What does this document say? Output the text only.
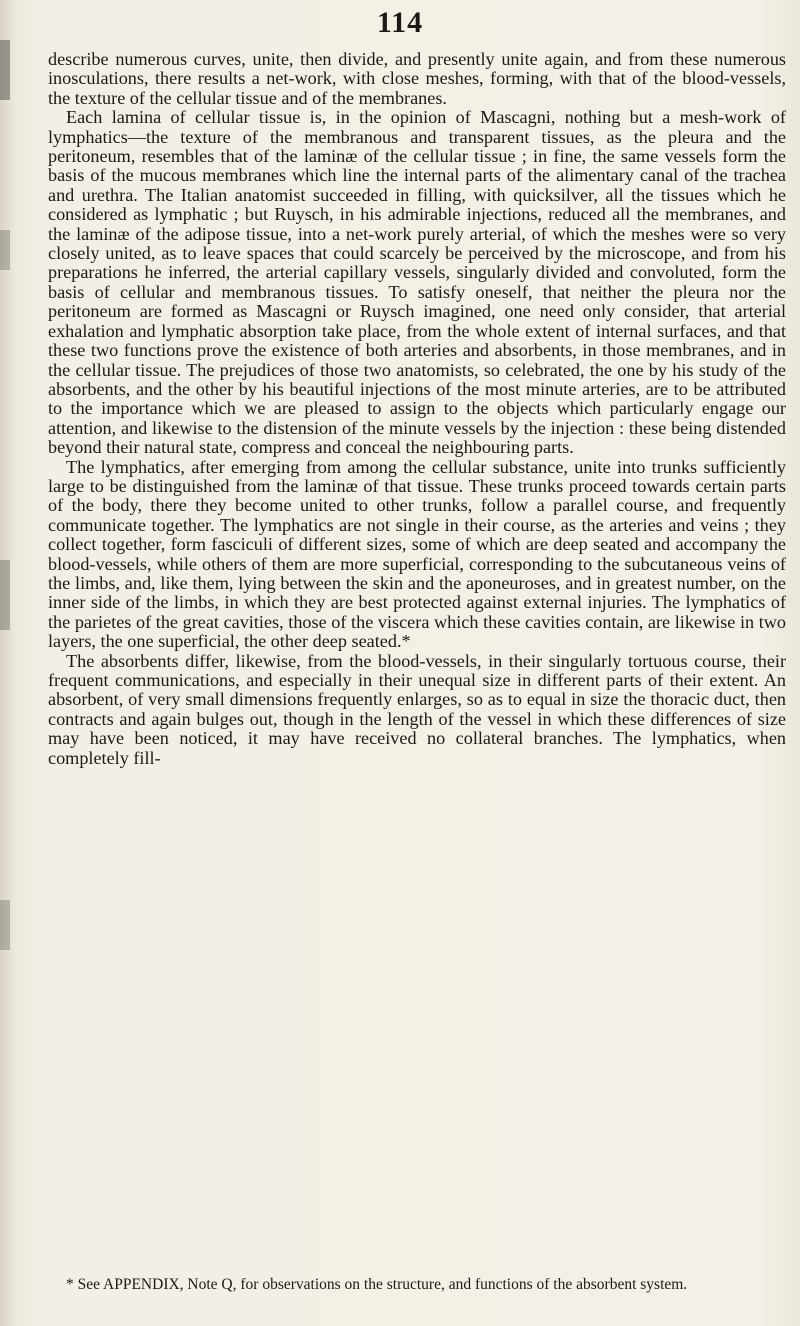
114

describe numerous curves, unite, then divide, and presently unite again, and from these numerous inosculations, there results a net-work, with close meshes, forming, with that of the blood-vessels, the texture of the cellular tissue and of the membranes.

Each lamina of cellular tissue is, in the opinion of Mascagni, nothing but a mesh-work of lymphatics—the texture of the membranous and transparent tissues, as the pleura and the peritoneum, resembles that of the laminæ of the cellular tissue ; in fine, the same vessels form the basis of the mucous membranes which line the internal parts of the alimentary canal of the trachea and urethra. The Italian anatomist succeeded in filling, with quicksilver, all the tissues which he considered as lymphatic ; but Ruysch, in his admirable injections, reduced all the membranes, and the laminæ of the adipose tissue, into a net-work purely arterial, of which the meshes were so very closely united, as to leave spaces that could scarcely be perceived by the microscope, and from his preparations he inferred, the arterial capillary vessels, singularly divided and convoluted, form the basis of cellular and membranous tissues. To satisfy oneself, that neither the pleura nor the peritoneum are formed as Mascagni or Ruysch imagined, one need only consider, that arterial exhalation and lymphatic absorption take place, from the whole extent of internal surfaces, and that these two functions prove the existence of both arteries and absorbents, in those membranes, and in the cellular tissue. The prejudices of those two anatomists, so celebrated, the one by his study of the absorbents, and the other by his beautiful injections of the most minute arteries, are to be attributed to the importance which we are pleased to assign to the objects which particularly engage our attention, and likewise to the distension of the minute vessels by the injection : these being distended beyond their natural state, compress and conceal the neighbouring parts.

The lymphatics, after emerging from among the cellular substance, unite into trunks sufficiently large to be distinguished from the laminæ of that tissue. These trunks proceed towards certain parts of the body, there they become united to other trunks, follow a parallel course, and frequently communicate together. The lymphatics are not single in their course, as the arteries and veins ; they collect together, form fasciculi of different sizes, some of which are deep seated and accompany the blood-vessels, while others of them are more superficial, corresponding to the subcutaneous veins of the limbs, and, like them, lying between the skin and the aponeuroses, and in greatest number, on the inner side of the limbs, in which they are best protected against external injuries. The lymphatics of the parietes of the great cavities, those of the viscera which these cavities contain, are likewise in two layers, the one superficial, the other deep seated.*

The absorbents differ, likewise, from the blood-vessels, in their singularly tortuous course, their frequent communications, and especially in their unequal size in different parts of their extent. An absorbent, of very small dimensions frequently enlarges, so as to equal in size the thoracic duct, then contracts and again bulges out, though in the length of the vessel in which these differences of size may have been noticed, it may have received no collateral branches. The lymphatics, when completely fill-

* See APPENDIX, Note Q, for observations on the structure, and functions of the absorbent system.
